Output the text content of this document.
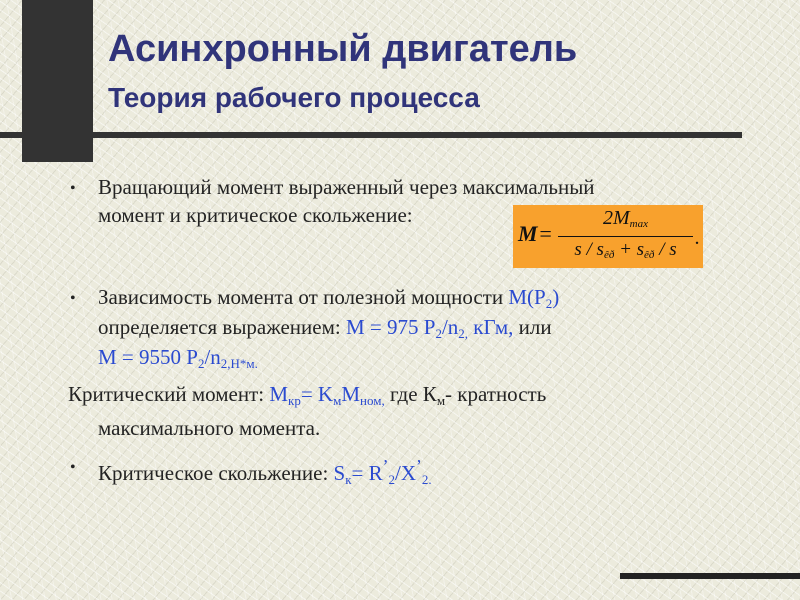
Асинхронный двигатель
Теория рабочего процесса
• Вращающий момент выраженный через максимальный
момент и критическое скольжение:
M =
$2M_{max}$
$s / s_{êð} + s_{êð} / s$
.
• Зависимость момента от полезной мощности $M(P_2)$
определяется выражением: M = 975 $P_2/n_{2,}$ кГм, или
M = 9550 $P_2/n_{2,Н*м.}$
Критический момент: $M_{кр}= K_мM_{ном,}$ где $К_м-$ кратность
максимального момента.
• Критическое скольжение: $S_к= R^’_2/X^’_{2.}$
